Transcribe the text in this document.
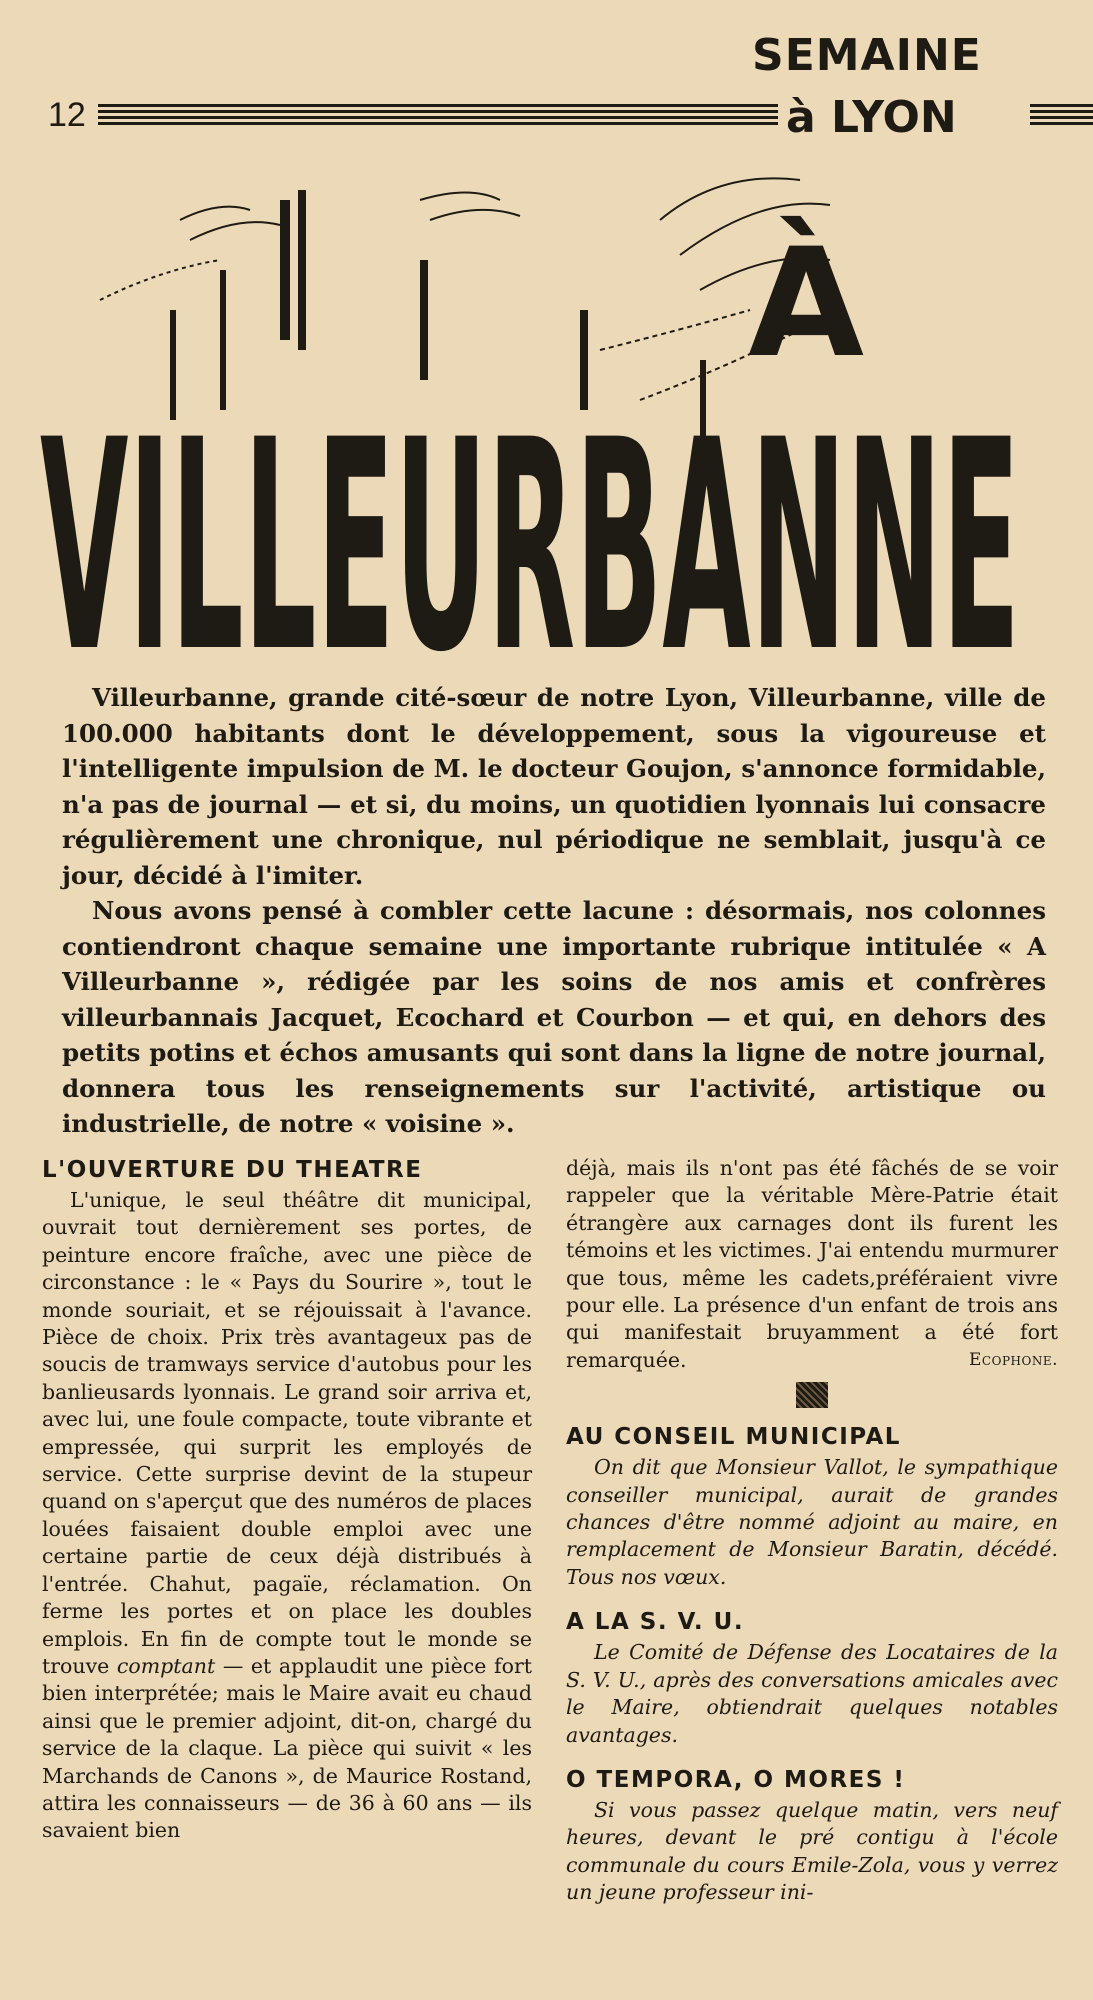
12
SEMAINE
à LYON
À
VILLEURBANNE

Villeurbanne, grande cité-sœur de notre Lyon, Villeurbanne, ville de 100.000 habitants dont le développement, sous la vigoureuse et l'intelligente impulsion de M. le docteur Goujon, s'annonce formidable, n'a pas de journal — et si, du moins, un quotidien lyonnais lui consacre régulièrement une chronique, nul périodique ne semblait, jusqu'à ce jour, décidé à l'imiter.

Nous avons pensé à combler cette lacune : désormais, nos colonnes contiendront chaque semaine une importante rubrique intitulée « A Villeurbanne », rédigée par les soins de nos amis et confrères villeurbannais Jacquet, Ecochard et Courbon — et qui, en dehors des petits potins et échos amusants qui sont dans la ligne de notre journal, donnera tous les renseignements sur l'activité, artistique ou industrielle, de notre « voisine ».

L'OUVERTURE DU THEATRE

L'unique, le seul théâtre dit municipal, ouvrait tout dernièrement ses portes, de peinture encore fraîche, avec une pièce de circonstance : le « Pays du Sourire », tout le monde souriait, et se réjouissait à l'avance. Pièce de choix. Prix très avantageux pas de soucis de tramways service d'autobus pour les banlieusards lyonnais. Le grand soir arriva et, avec lui, une foule compacte, toute vibrante et empressée, qui surprit les employés de service. Cette surprise devint de la stupeur quand on s'aperçut que des numéros de places louées faisaient double emploi avec une certaine partie de ceux déjà distribués à l'entrée. Chahut, pagaïe, réclamation. On ferme les portes et on place les doubles emplois. En fin de compte tout le monde se trouve comptant — et applaudit une pièce fort bien interprétée; mais le Maire avait eu chaud ainsi que le premier adjoint, dit-on, chargé du service de la claque. La pièce qui suivit « les Marchands de Canons », de Maurice Rostand, attira les connaisseurs — de 36 à 60 ans — ils savaient bien

déjà, mais ils n'ont pas été fâchés de se voir rappeler que la véritable Mère-Patrie était étrangère aux carnages dont ils furent les témoins et les victimes. J'ai entendu murmurer que tous, même les cadets,préféraient vivre pour elle. La présence d'un enfant de trois ans qui manifestait bruyamment a été fort remarquée.	Ecophone.

AU CONSEIL MUNICIPAL

On dit que Monsieur Vallot, le sympathique conseiller municipal, aurait de grandes chances d'être nommé adjoint au maire, en remplacement de Monsieur Baratin, décédé. Tous nos vœux.

A LA S. V. U.

Le Comité de Défense des Locataires de la S. V. U., après des conversations amicales avec le Maire, obtiendrait quelques notables avantages.

O TEMPORA, O MORES !

Si vous passez quelque matin, vers neuf heures, devant le pré contigu à l'école communale du cours Emile-Zola, vous y verrez un jeune professeur ini-
